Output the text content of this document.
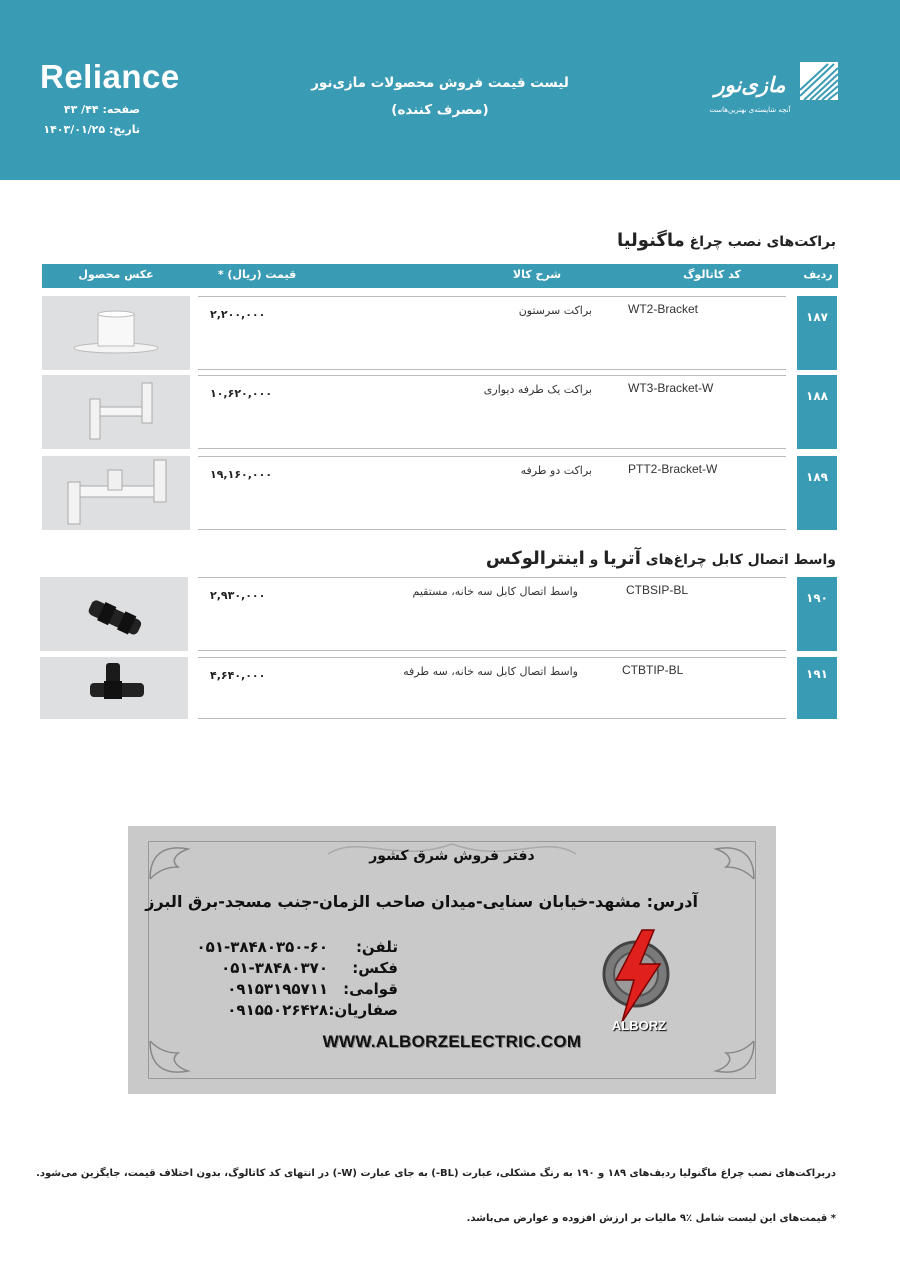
Reliance
صفحه: ۴۴/ ۴۳
تاریخ: ۱۴۰۳/۰۱/۲۵
لیست قیمت فروش محصولات مازی‌نور
(مصرف کننده)
مازی‌نور
آنچه شایسته‌ی بهترین‌هاست
براکت‌های نصب چراغ ماگنولیا
ردیف
کد کاتالوگ
شرح کالا
قیمت (ریال) *
عکس محصول
۱۸۷
WT2-Bracket
براکت سرستون
۲,۲۰۰,۰۰۰
۱۸۸
WT3-Bracket-W
براکت یک طرفه دیواری
۱۰,۶۲۰,۰۰۰
۱۸۹
PTT2-Bracket-W
براکت دو طرفه
۱۹,۱۶۰,۰۰۰
واسط اتصال کابل چراغ‌های آتریا و اینترالوکس
۱۹۰
CTBSIP-BL
واسط اتصال کابل سه خانه، مستقیم
۲,۹۳۰,۰۰۰
۱۹۱
CTBTIP-BL
واسط اتصال کابل سه خانه، سه طرفه
۴,۶۴۰,۰۰۰
دفتر فروش شرق کشور
آدرس: مشهد-خیابان سنایی-میدان صاحب الزمان-جنب مسجد-برق البرز
تلفن:۰۵۱-۳۸۴۸۰۳۵۰-۶۰
فکس:۰۵۱-۳۸۴۸۰۳۷۰
قوامی:۰۹۱۵۳۱۹۵۷۱۱
صفاریان:۰۹۱۵۵۰۲۶۴۲۸
ALBORZ
WWW.ALBORZELECTRIC.COM
دربراکت‌های نصب چراغ ماگنولیا ردیف‌های ۱۸۹ و ۱۹۰ به رنگ مشکلی، عبارت (BL-) به جای عبارت (W-) در انتهای کد کاتالوگ، بدون اختلاف قیمت، جایگزین می‌شود.
* قیمت‌های این لیست شامل ٪۹ مالیات بر ارزش افزوده و عوارض می‌باشد.
